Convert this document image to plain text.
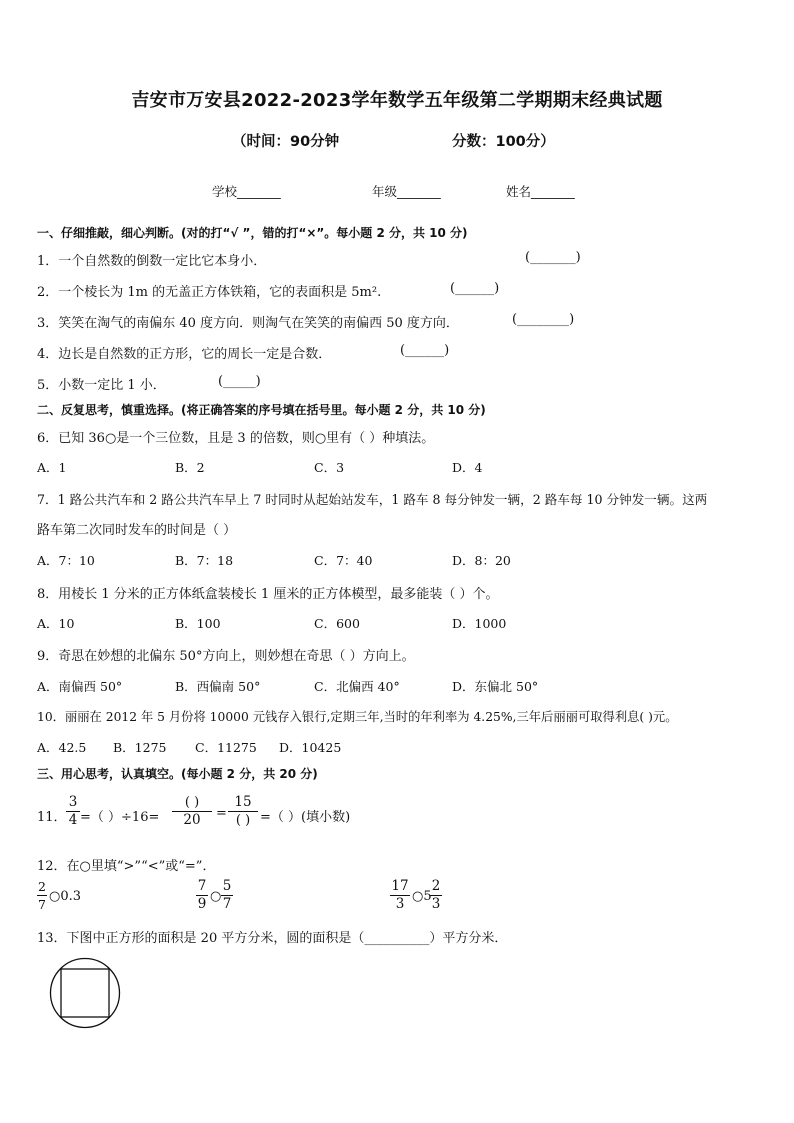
吉安市万安县2022-2023学年数学五年级第二学期期末经典试题
（时间：90分钟	分数：100分）
学校_______	年级_______	姓名_______
一、仔细推敲，细心判断。(对的打“√ ”，错的打“×”。每小题 2 分，共 10 分)
1．一个自然数的倒数一定比它本身小．	(_______)
2．一个棱长为 1m 的无盖正方体铁箱，它的表面积是 5m².	(______)
3．笑笑在淘气的南偏东 40 度方向．则淘气在笑笑的南偏西 50 度方向．	(________)
4．边长是自然数的正方形，它的周长一定是合数．	(______)
5．小数一定比 1 小．	(_____)
二、反复思考，慎重选择。(将正确答案的序号填在括号里。每小题 2 分，共 10 分)
6．已知 36○是一个三位数，且是 3 的倍数，则○里有（ ）种填法。
A．1	B．2	C．3	D．4
7．1 路公共汽车和 2 路公共汽车早上 7 时同时从起始站发车，1 路车 8 每分钟发一辆，2 路车每 10 分钟发一辆。这两
路车第二次同时发车的时间是（ ）
A．7：10	B．7：18	C．7：40	D．8：20
8．用棱长 1 分米的正方体纸盒装棱长 1 厘米的正方体模型，最多能装（ ）个。
A．10	B．100	C．600	D．1000
9．奇思在妙想的北偏东 50°方向上，则妙想在奇思（ ）方向上。
A．南偏西 50°	B．西偏南 50°	C．北偏西 40°	D．东偏北 50°
10．丽丽在 2012 年 5 月份将 10000 元钱存入银行,定期三年,当时的年利率为 4.25%,三年后丽丽可取得利息( )元。
A．42.5 B．1275 C．11275 D．10425
三、用心思考，认真填空。(每小题 2 分，共 20 分)
11．
3
4 =（ ）÷16=
( )
20	=
15
( ) =（ ）(填小数)
12．在○里填“>”“<”或“=”．
2
7
○0.3
7
9 ○
5
7
17
3 ○5
2
3
13．下图中正方形的面积是 20 平方分米，圆的面积是（__________）平方分米．
